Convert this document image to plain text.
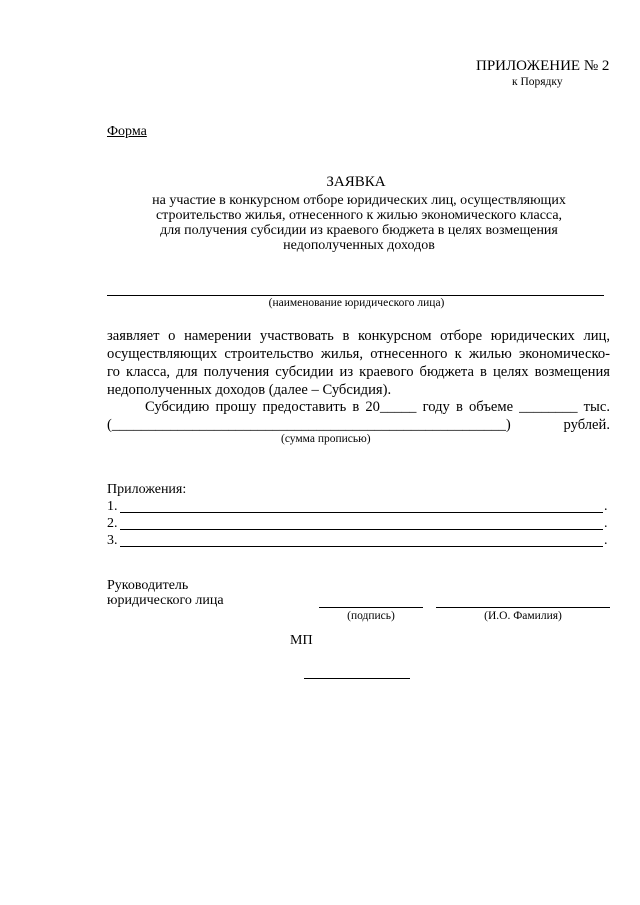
ПРИЛОЖЕНИЕ № 2
к Порядку
Форма
ЗАЯВКА
на участие в конкурсном отборе юридических лиц, осуществляющих
строительство жилья, отнесенного к жилью экономического класса,
для получения субсидии из краевого бюджета в целях возмещения
недополученных доходов
(наименование юридического лица)
заявляет о намерении участвовать в конкурсном отборе юридических лиц,
осуществляющих строительство жилья, отнесенного к жилью экономическо-
го класса, для получения субсидии из краевого бюджета в целях возмещения
недополученных доходов (далее – Субсидия).
Субсидию прошу предоставить в 20_____ году в объеме ________ тыс.
(______________________________________________________) рублей.
(сумма прописью)
Приложения:
1.	.
2.	.
3.	.
Руководитель
юридического лица
(подпись)	(И.О. Фамилия)
МП
